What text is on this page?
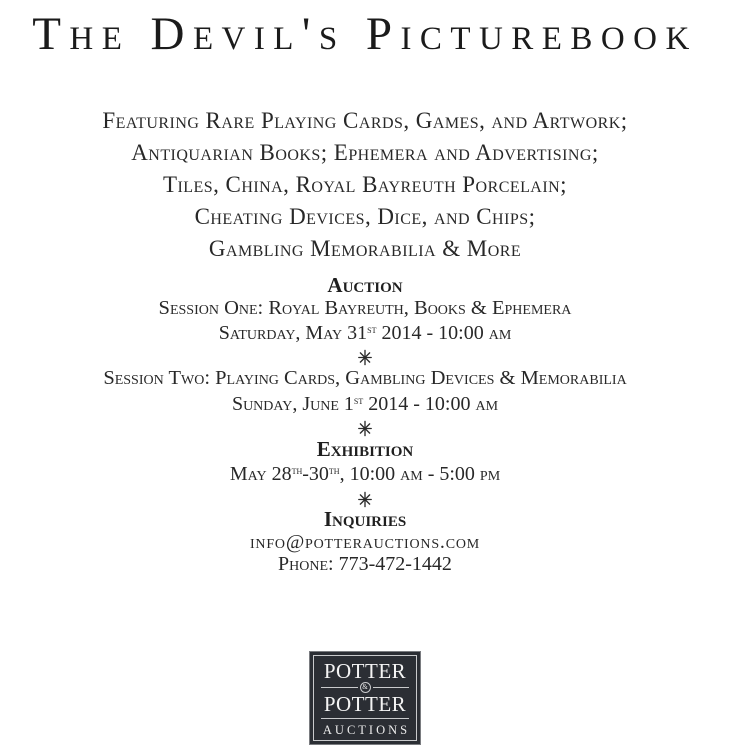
The Devil's Picturebook
Featuring Rare Playing Cards, Games, and Artwork;
Antiquarian Books; Ephemera and Advertising;
Tiles, China, Royal Bayreuth Porcelain;
Cheating Devices, Dice, and Chips;
Gambling Memorabilia & More
Auction
Session One: Royal Bayreuth, Books & Ephemera
Saturday, May 31st 2014 - 10:00 am
Session Two: Playing Cards, Gambling Devices & Memorabilia
Sunday, June 1st 2014 - 10:00 am
Exhibition
May 28th-30th, 10:00 am - 5:00 pm
Inquiries
info@potterauctions.com
Phone: 773-472-1442
POTTER
&
POTTER
AUCTIONS
